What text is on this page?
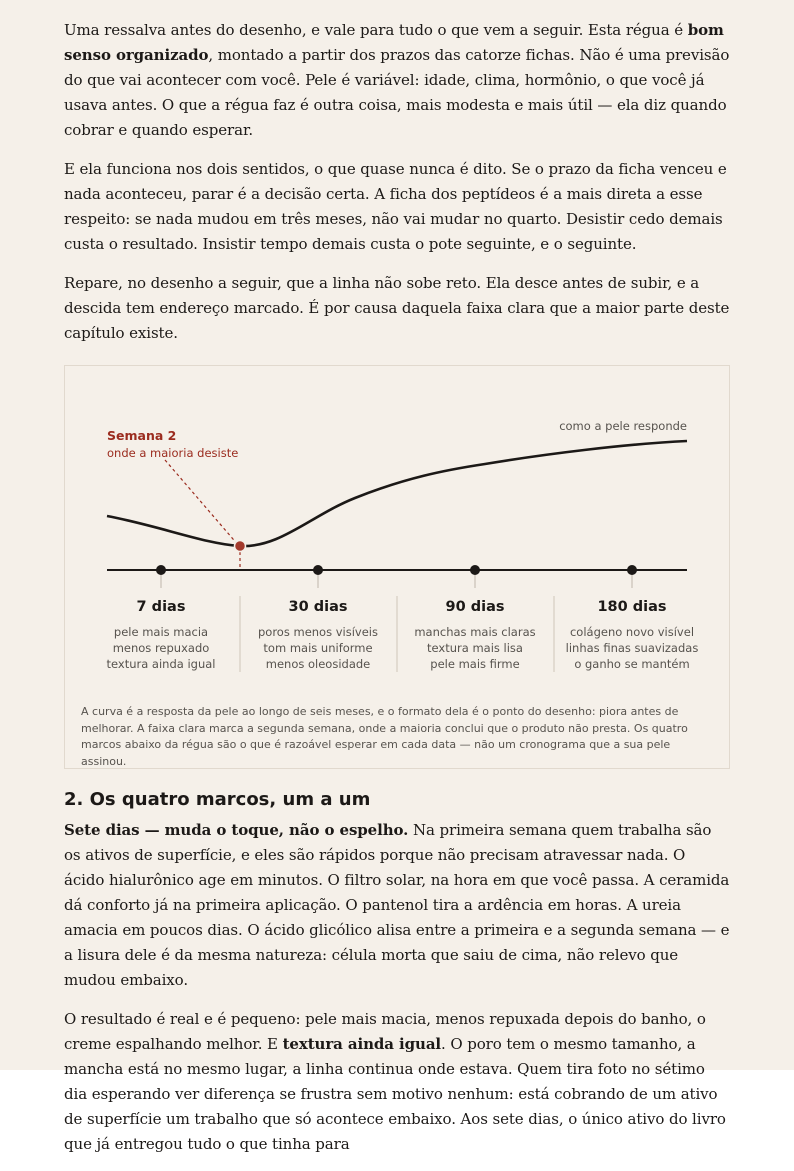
Uma ressalva antes do desenho, e vale para tudo o que vem a seguir. Esta régua é bom senso organizado, montado a partir dos prazos das catorze fichas. Não é uma previsão do que vai acontecer com você. Pele é variável: idade, clima, hormônio, o que você já usava antes. O que a régua faz é outra coisa, mais modesta e mais útil — ela diz quando cobrar e quando esperar.

E ela funciona nos dois sentidos, o que quase nunca é dito. Se o prazo da ficha venceu e nada aconteceu, parar é a decisão certa. A ficha dos peptídeos é a mais direta a esse respeito: se nada mudou em três meses, não vai mudar no quarto. Desistir cedo demais custa o resultado. Insistir tempo demais custa o pote seguinte, e o seguinte.

Repare, no desenho a seguir, que a linha não sobe reto. Ela desce antes de subir, e a descida tem endereço marcado. É por causa daquela faixa clara que a maior parte deste capítulo existe.

como a pele responde
Semana 2
onde a maioria desiste
7 dias
pele mais macia
menos repuxado
textura ainda igual
30 dias
poros menos visíveis
tom mais uniforme
menos oleosidade
90 dias
manchas mais claras
textura mais lisa
pele mais firme
180 dias
colágeno novo visível
linhas finas suavizadas
o ganho se mantém
A curva é a resposta da pele ao longo de seis meses, e o formato dela é o ponto do desenho: piora antes de melhorar. A faixa clara marca a segunda semana, onde a maioria conclui que o produto não presta. Os quatro marcos abaixo da régua são o que é razoável esperar em cada data — não um cronograma que a sua pele assinou.
2. Os quatro marcos, um a um

Sete dias — muda o toque, não o espelho. Na primeira semana quem trabalha são os ativos de superfície, e eles são rápidos porque não precisam atravessar nada. O ácido hialurônico age em minutos. O filtro solar, na hora em que você passa. A ceramida dá conforto já na primeira aplicação. O pantenol tira a ardência em horas. A ureia amacia em poucos dias. O ácido glicólico alisa entre a primeira e a segunda semana — e a lisura dele é da mesma natureza: célula morta que saiu de cima, não relevo que mudou embaixo.

O resultado é real e é pequeno: pele mais macia, menos repuxada depois do banho, o creme espalhando melhor. E textura ainda igual. O poro tem o mesmo tamanho, a mancha está no mesmo lugar, a linha continua onde estava. Quem tira foto no sétimo dia esperando ver diferença se frustra sem motivo nenhum: está cobrando de um ativo de superfície um trabalho que só acontece embaixo. Aos sete dias, o único ativo do livro que já entregou tudo o que tinha para
